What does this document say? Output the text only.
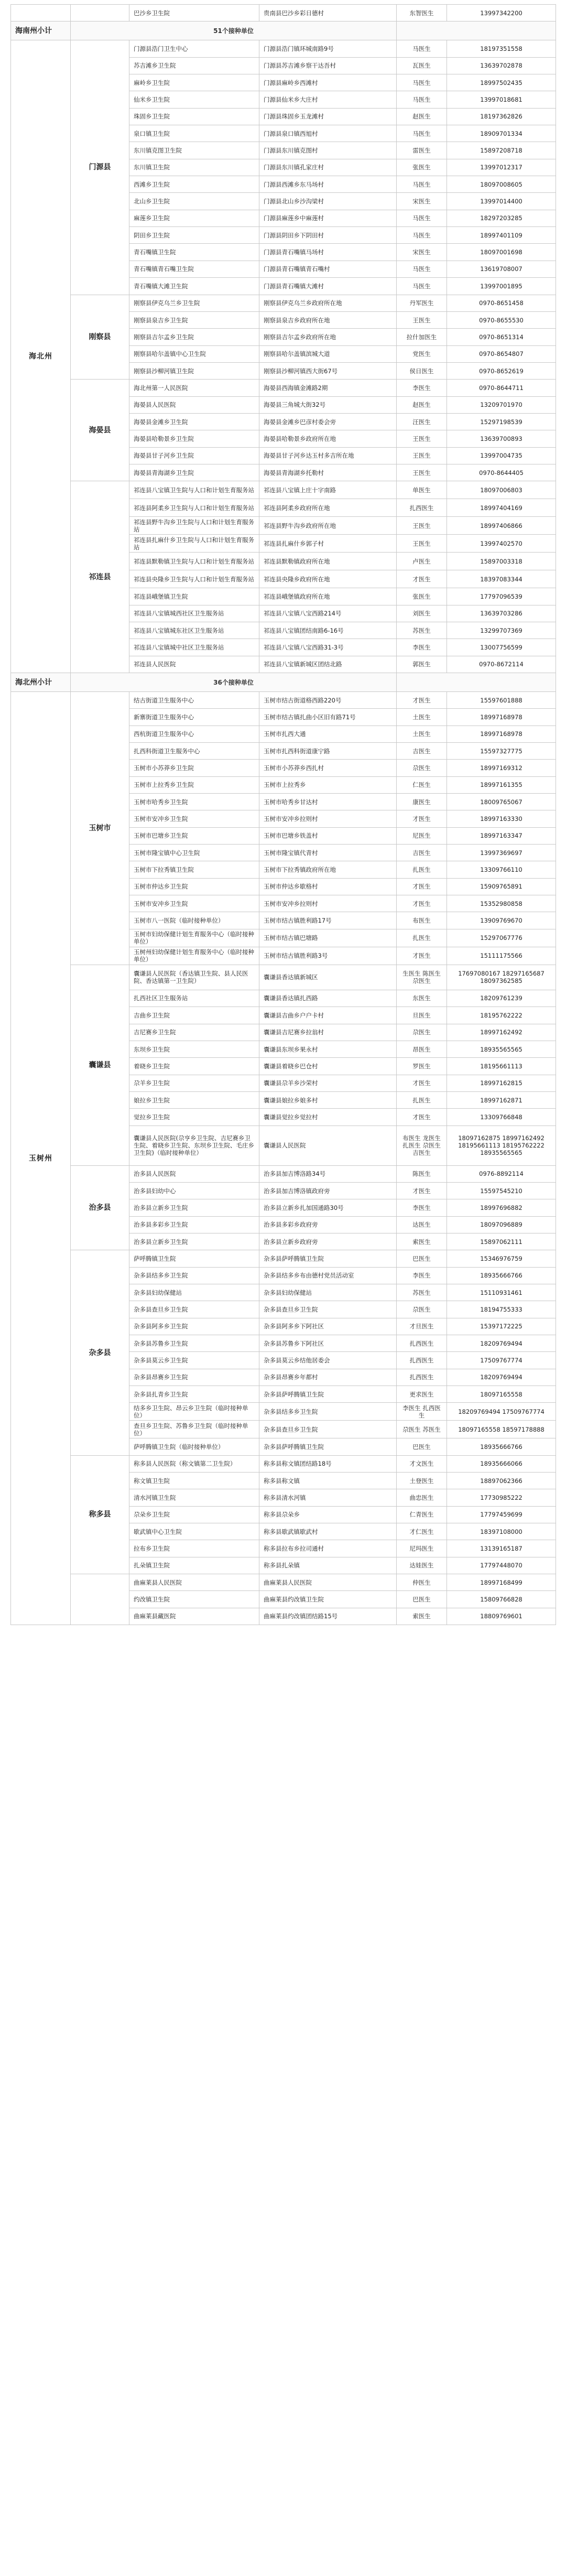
		巴沙乡卫生院	贵南县巴沙乡彩日德村	东智医生	13997342200
海南州小计	51个接种单位				
海北州	门源县	门源县浩门卫生中心	门源县浩门镇环城南路9号	马医生	18197351558
		苏吉滩乡卫生院	门源县苏吉滩乡察干达吾村	瓦医生	13639702878
		麻岭乡卫生院	门源县麻岭乡西滩村	马医生	18997502435
		仙米乡卫生院	门源县仙米乡大庄村	马医生	13997018681
		珠固乡卫生院	门源县珠固乡玉龙滩村	赵医生	18197362826
		泉口镇卫生院	门源县泉口镇西旭村	马医生	18909701334
		东川镇克图卫生院	门源县东川镇克图村	雷医生	15897208718
		东川镇卫生院	门源县东川镇孔家庄村	张医生	13997012317
		西滩乡卫生院	门源县西滩乡东马场村	马医生	18097008605
		北山乡卫生院	门源县北山乡沙沟梁村	宋医生	13997014400
		麻莲乡卫生院	门源县麻莲乡中麻莲村	马医生	18297203285
		阴田乡卫生院	门源县阴田乡下阴田村	马医生	18997401109
		青石嘴镇卫生院	门源县青石嘴镇马场村	宋医生	18097001698
		青石嘴镇青石嘴卫生院	门源县青石嘴镇青石嘴村	马医生	13619708007
		青石嘴镇大滩卫生院	门源县青石嘴镇大滩村	马医生	13997001895
	刚察县	刚察县伊克乌兰乡卫生院	刚察县伊克乌兰乡政府所在地	丹军医生	0970-8651458
		刚察县泉吉乡卫生院	刚察县泉吉乡政府所在地	王医生	0970-8655530
		刚察县吉尔孟乡卫生院	刚察县吉尔孟乡政府所在地	拉什加医生	0970-8651314
		刚察县哈尔盖镇中心卫生院	刚察县哈尔盖镇滨城大道	党医生	0970-8654807
		刚察县沙柳河镇卫生院	刚察县沙柳河镇西大街67号	侯日医生	0970-8652619
	海晏县	海北州第一人民医院	海晏县西海镇金滩路2期	李医生	0970-8644711
		海晏县人民医院	海晏县三角城大街32号	赵医生	13209701970
		海晏县金滩乡卫生院	海晏县金滩乡巴彦村委会旁	汪医生	15297198539
		海晏县哈勒景乡卫生院	海晏县哈勒景乡政府所在地	王医生	13639700893
		海晏县甘子河乡卫生院	海晏县甘子河乡达玉村多吉所在地	王医生	13997004735
		海晏县青海湖乡卫生院	海晏县青海湖乡托勒村	王医生	0970-8644405
	祁连县	祁连县八宝镇卫生院与人口和计划生育服务站	祁连县八宝镇上庄十字南路	单医生	18097006803
		祁连县阿柔乡卫生院与人口和计划生育服务站	祁连县阿柔乡政府所在地	扎西医生	18997404169
		祁连县野牛沟乡卫生院与人口和计划生育服务站	祁连县野牛沟乡政府所在地	王医生	18997406866
		祁连县扎麻什乡卫生院与人口和计划生育服务站	祁连县扎麻什乡郭子村	王医生	13997402570
		祁连县默勒镇卫生院与人口和计划生育服务站	祁连县默勒镇政府所在地	卢医生	15897003318
		祁连县央隆乡卫生院与人口和计划生育服务站	祁连县央隆乡政府所在地	才医生	18397083344
		祁连县峨堡镇卫生院	祁连县峨堡镇政府所在地	张医生	17797096539
		祁连县八宝镇城西社区卫生服务站	祁连县八宝镇八宝西路214号	刘医生	13639703286
		祁连县八宝镇城东社区卫生服务站	祁连县八宝镇团结南路6-16号	苏医生	13299707369
		祁连县八宝镇城中社区卫生服务站	祁连县八宝镇八宝西路31-3号	李医生	13007756599
		祁连县人民医院	祁连县八宝镇新城区团结北路	郭医生	0970-8672114
海北州小计	36个接种单位				
玉树州	玉树市	结古街道卫生服务中心	玉树市结古街道格西路220号	才医生	15597601888
		新寨街道卫生服务中心	玉树市结古镇扎曲小区旧有路71号	土医生	18997168978
		西杭街道卫生服务中心	玉树市扎西大通	土医生	18997168978
		扎西科街道卫生服务中心	玉树市扎西科街道康宁路	吉医生	15597327775
		玉树市小苏莽乡卫生院	玉树市小苏莽乡西扎村	尕医生	18997169312
		玉树市上拉秀乡卫生院	玉树市上拉秀乡	仁医生	18997161355
		玉树市哈秀乡卫生院	玉树市哈秀乡甘达村	康医生	18009765067
		玉树市安冲乡卫生院	玉树市安冲乡拉则村	才医生	18997163330
		玉树市巴塘乡卫生院	玉树市巴塘乡铁盖村	尼医生	18997163347
		玉树市隆宝镇中心卫生院	玉树市隆宝镇代青村	吉医生	13997369697
		玉树市下拉秀镇卫生院	玉树市下拉秀镇政府所在地	扎医生	13309766110
		玉树市仲达乡卫生院	玉树市仲达乡歇格村	才医生	15909765891
		玉树市安冲乡卫生院	玉树市安冲乡拉则村	才医生	15352980858
		玉树市八一医院（临时接种单位）	玉树市结古镇胜利路17号	布医生	13909769670
		玉树市妇幼保健计划生育服务中心（临时接种单位）	玉树市结古镇巴塘路	扎医生	15297067776
		玉树州妇幼保健计划生育服务中心（临时接种单位）	玉树市结古镇胜利路3号	才医生	15111175566
	囊谦县	囊谦县人民医院（香达镇卫生院、县人民医院、香达镇第一卫生院）	囊谦县香达镇新城区	生医生 陈医生 尕医生	17697080167 18297165687 18097362585
		扎西社区卫生服务站	囊谦县香达镇扎西路	东医生	18209761239
		吉曲乡卫生院	囊谦县吉曲乡户户卡村	旦医生	18195762222
		吉尼赛乡卫生院	囊谦县吉尼赛乡拉翁村	尕医生	18997162492
		东坝乡卫生院	囊谦县东坝乡果永村	昂医生	18935565565
		着晓乡卫生院	囊谦县着晓乡巴仓村	罗医生	18195661113
		尕羊乡卫生院	囊谦县尕羊乡沙荣村	才医生	18997162815
		娘拉乡卫生院	囊谦县娘拉乡娘多村	扎医生	18997162871
		觉拉乡卫生院	囊谦县觉拉乡觉拉村	才医生	13309766848
		囊谦县人民医院(尕亨乡卫生院、吉尼赛乡卫生院、着晓乡卫生院、东坝乡卫生院、毛庄乡卫生院)（临时接种单位）	囊谦县人民医院	布医生 龙医生 扎医生 尕医生 吉医生	18097162875 18997162492 18195661113 18195762222 18935565565
	治多县	治多县人民医院	治多县加吉博洛路34号	陈医生	0976-8892114
		治多县妇幼中心	治多县加吉博洛镇政府旁	才医生	15597545210
		治多县立新乡卫生院	治多县立新乡扎加国通路30号	李医生	18997696882
		治多县多彩乡卫生院	治多县多彩乡政府旁	达医生	18097096889
		治多县立新乡卫生院	治多县立新乡政府旁	索医生	15897062111
	杂多县	萨呼腾镇卫生院	杂多县萨呼腾镇卫生院	巴医生	15346976759
		杂多县结多乡卫生院	杂多县结多乡布由德村党员活动室	李医生	18935666766
		杂多县妇幼保健站	杂多县妇幼保健站	苏医生	15110931461
		杂多县查旦乡卫生院	杂多县查旦乡卫生院	尕医生	18194755333
		杂多县阿多乡卫生院	杂多县阿多乡下阿社区	才旦医生	15397172225
		杂多县苏鲁乡卫生院	杂多县苏鲁乡下阿社区	扎西医生	18209769494
		杂多县莫云乡卫生院	杂多县莫云乡结他居委会	扎西医生	17509767774
		杂多县昂赛乡卫生院	杂多县昂赛乡年都村	扎西医生	18209769494
		杂多县扎青乡卫生院	杂多县萨呼腾镇卫生院	更求医生	18097165558
		结多乡卫生院、昂云乡卫生院（临时接种单位）	杂多县结多乡卫生院	李医生 扎西医生	18209769494 17509767774
		查旦乡卫生院、苏鲁乡卫生院（临时接种单位）	杂多县查旦乡卫生院	尕医生 苏医生	18097165558 18597178888
		萨呼腾镇卫生院（临时接种单位）	杂多县萨呼腾镇卫生院	巴医生	18935666766
	称多县	称多县人民医院（称文镇第二卫生院）	称多县称文镇团结路18号	才文医生	18935666066
		称文镇卫生院	称多县称文镇	土登医生	18897062366
		清水河镇卫生院	称多县清水河镇	曲忠医生	17730985222
		尕朵乡卫生院	称多县尕朵乡	仁青医生	17797459699
		歇武镇中心卫生院	称多县歇武镇歇武村	才仁医生	18397108000
		拉布乡卫生院	称多县拉布乡拉司通村	尼玛医生	13139165187
		扎朵镇卫生院	称多县扎朵镇	达娃医生	17797448070
		曲麻莱县人民医院	曲麻莱县人民医院	仲医生	18997168499
		约改镇卫生院	曲麻莱县约改镇卫生院	巴医生	15809766828
		曲麻莱县藏医院	曲麻莱县约改镇团结路15号	索医生	18809769601
